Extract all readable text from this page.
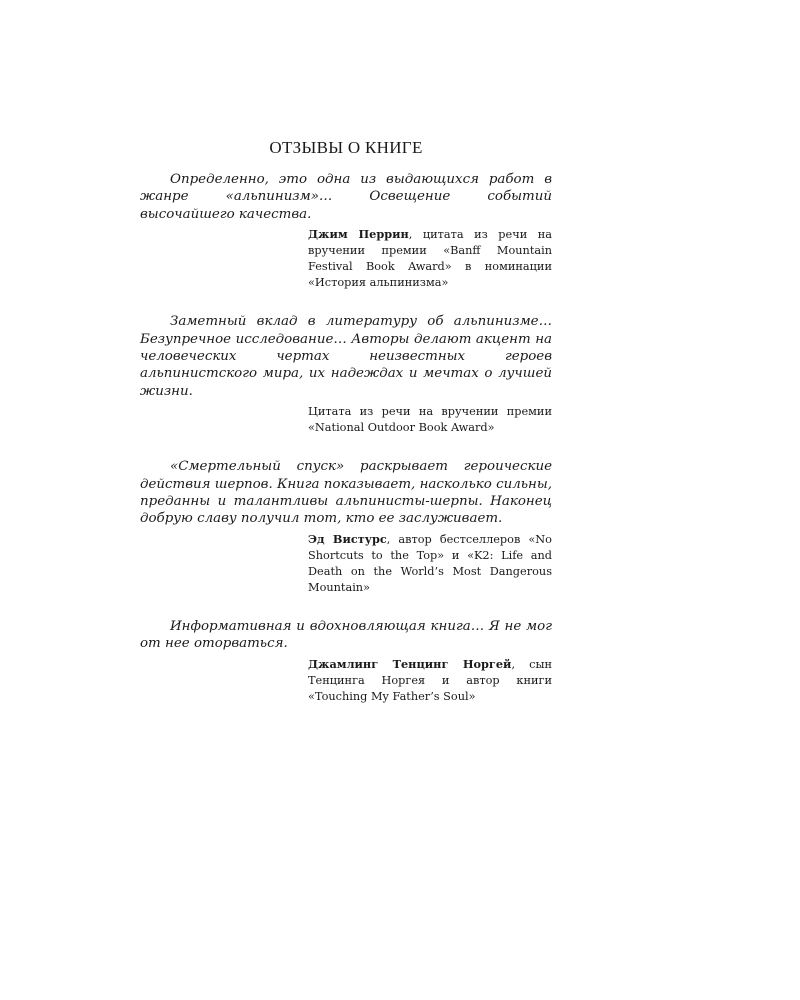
ОТЗЫВЫ О КНИГЕ

Определенно, это одна из выдающихся работ в жанре «альпинизм»… Освещение событий высочайшего качества.

Джим Перрин, цитата из речи на вручении премии «Banff Mountain Festival Book Award» в номинации «История альпинизма»

Заметный вклад в литературу об альпинизме… Безупречное исследование… Авторы делают акцент на человеческих чертах неизвестных героев альпинистского мира, их надеждах и мечтах о лучшей жизни.

Цитата из речи на вручении премии «National Outdoor Book Award»

«Смертельный спуск» раскрывает героические действия шерпов. Книга показывает, насколько сильны, преданны и талантливы альпинисты-шерпы. Наконец добрую славу получил тот, кто ее заслуживает.

Эд Вистурс, автор бестселлеров «No Shortcuts to the Top» и «K2: Life and Death on the World’s Most Dangerous Mountain»

Информативная и вдохновляющая книга… Я не мог от нее оторваться.

Джамлинг Тенцинг Норгей, сын Тенцинга Норгея и автор книги «Touching My Father’s Soul»
